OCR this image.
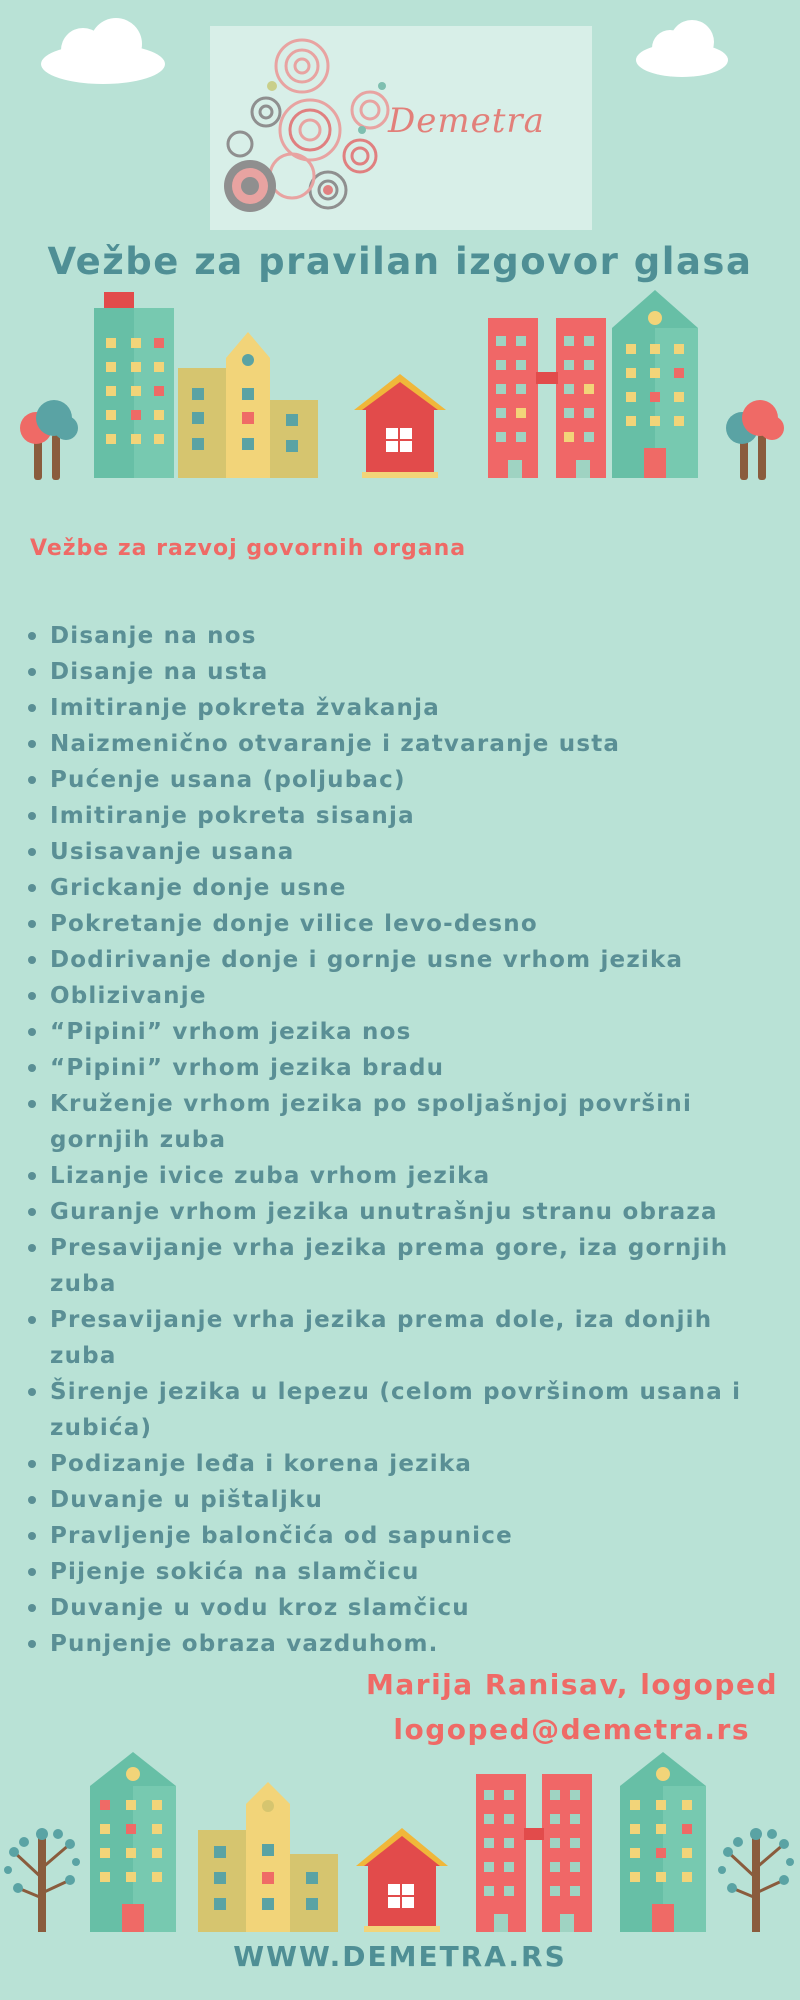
Demetra
Vežbe za pravilan izgovor glasa
Vežbe za razvoj govornih organa
Disanje na nos
Disanje na usta
Imitiranje pokreta žvakanja
Naizmenično otvaranje i zatvaranje usta
Pućenje usana (poljubac)
Imitiranje pokreta sisanja
Usisavanje usana
Grickanje donje usne
Pokretanje donje vilice levo-desno
Dodirivanje donje i gornje usne vrhom jezika
Oblizivanje
“Pipini” vrhom jezika nos
“Pipini” vrhom jezika bradu
Kruženje vrhom jezika po spoljašnjoj površini gornjih zuba
Lizanje ivice zuba vrhom jezika
Guranje vrhom jezika unutrašnju stranu obraza
Presavijanje vrha jezika prema gore, iza gornjih zuba
Presavijanje vrha jezika prema dole, iza donjih zuba
Širenje jezika u lepezu (celom površinom usana i zubića)
Podizanje leđa i korena jezika
Duvanje u pištaljku
Pravljenje balončića od sapunice
Pijenje sokića na slamčicu
Duvanje u vodu kroz slamčicu
Punjenje obraza vazduhom.
Marija Ranisav, logoped
logoped@demetra.rs
WWW.DEMETRA.RS
